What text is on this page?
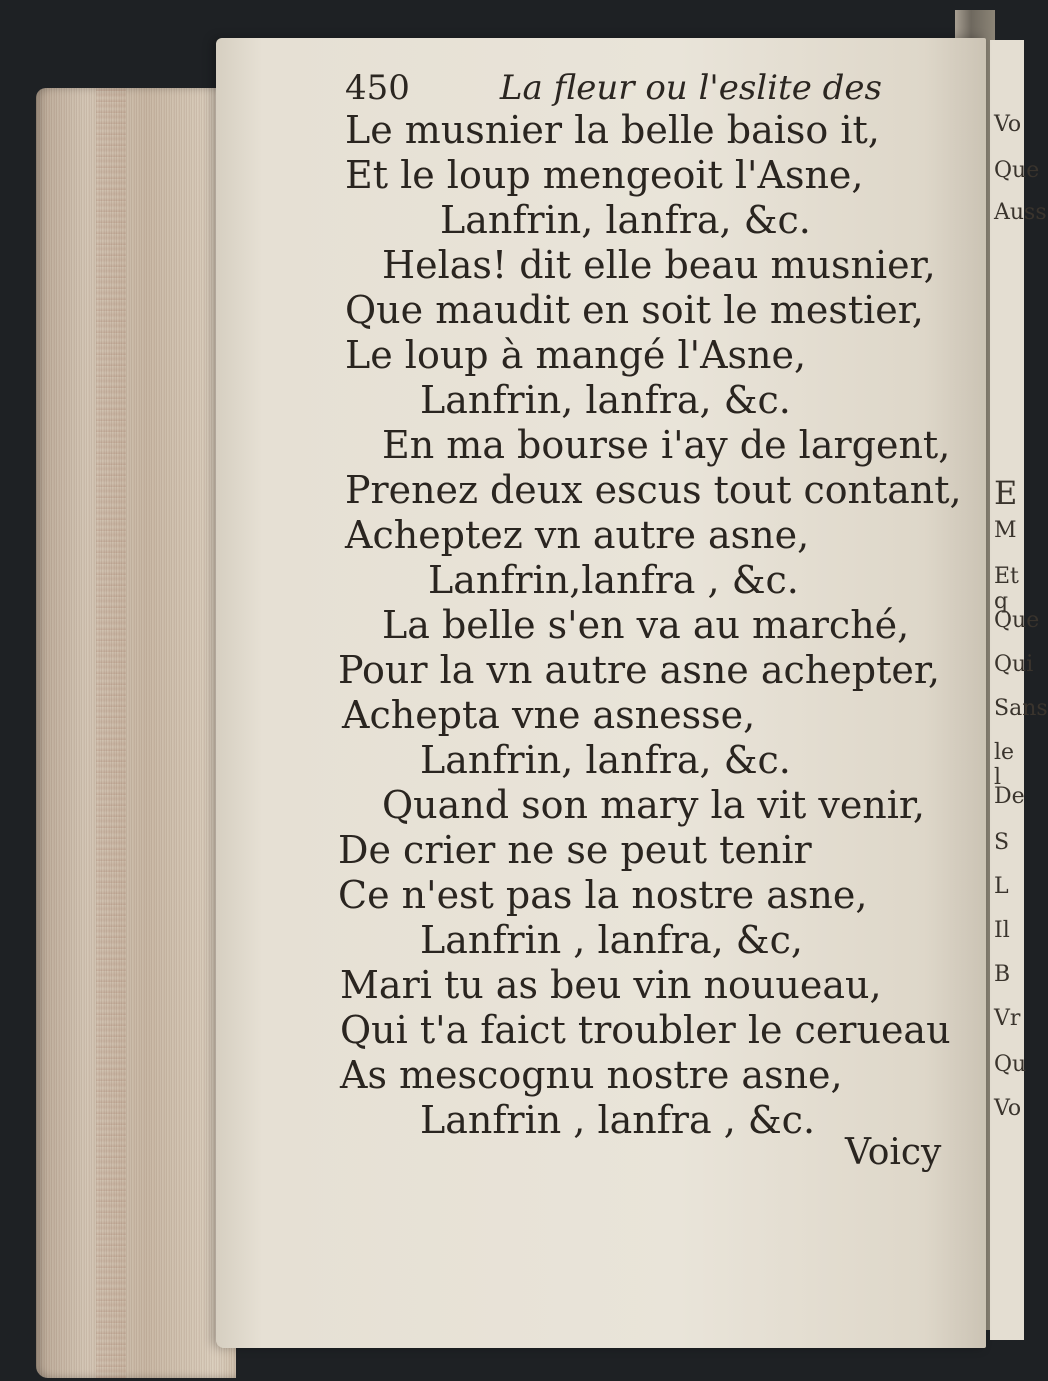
Vo
Que
Auss
E
M
Et q
Que
Qui
Sans
le l
De
S
L
Il
B
Vr
Qu
Vo
450	La fleur ou l'eslite des
Le musnier la belle baiso it,
Et le loup mengeoit l'Asne,
Lanfrin, lanfra, &c.
Helas! dit elle beau musnier,
Que maudit en soit le mestier,
Le loup à mangé l'Asne,
Lanfrin, lanfra, &c.
En ma bourse i'ay de largent,
Prenez deux escus tout contant,
Acheptez vn autre asne,
Lanfrin,lanfra , &c.
La belle s'en va au marché,
Pour la vn autre asne achepter,
Achepta vne asnesse,
Lanfrin, lanfra, &c.
Quand son mary la vit venir,
De crier ne se peut tenir
Ce n'est pas la nostre asne,
Lanfrin , lanfra, &c,
Mari tu as beu vin nouueau,
Qui t'a faict troubler le cerueau
As mescognu nostre asne,
Lanfrin , lanfra , &c.
Voicy
